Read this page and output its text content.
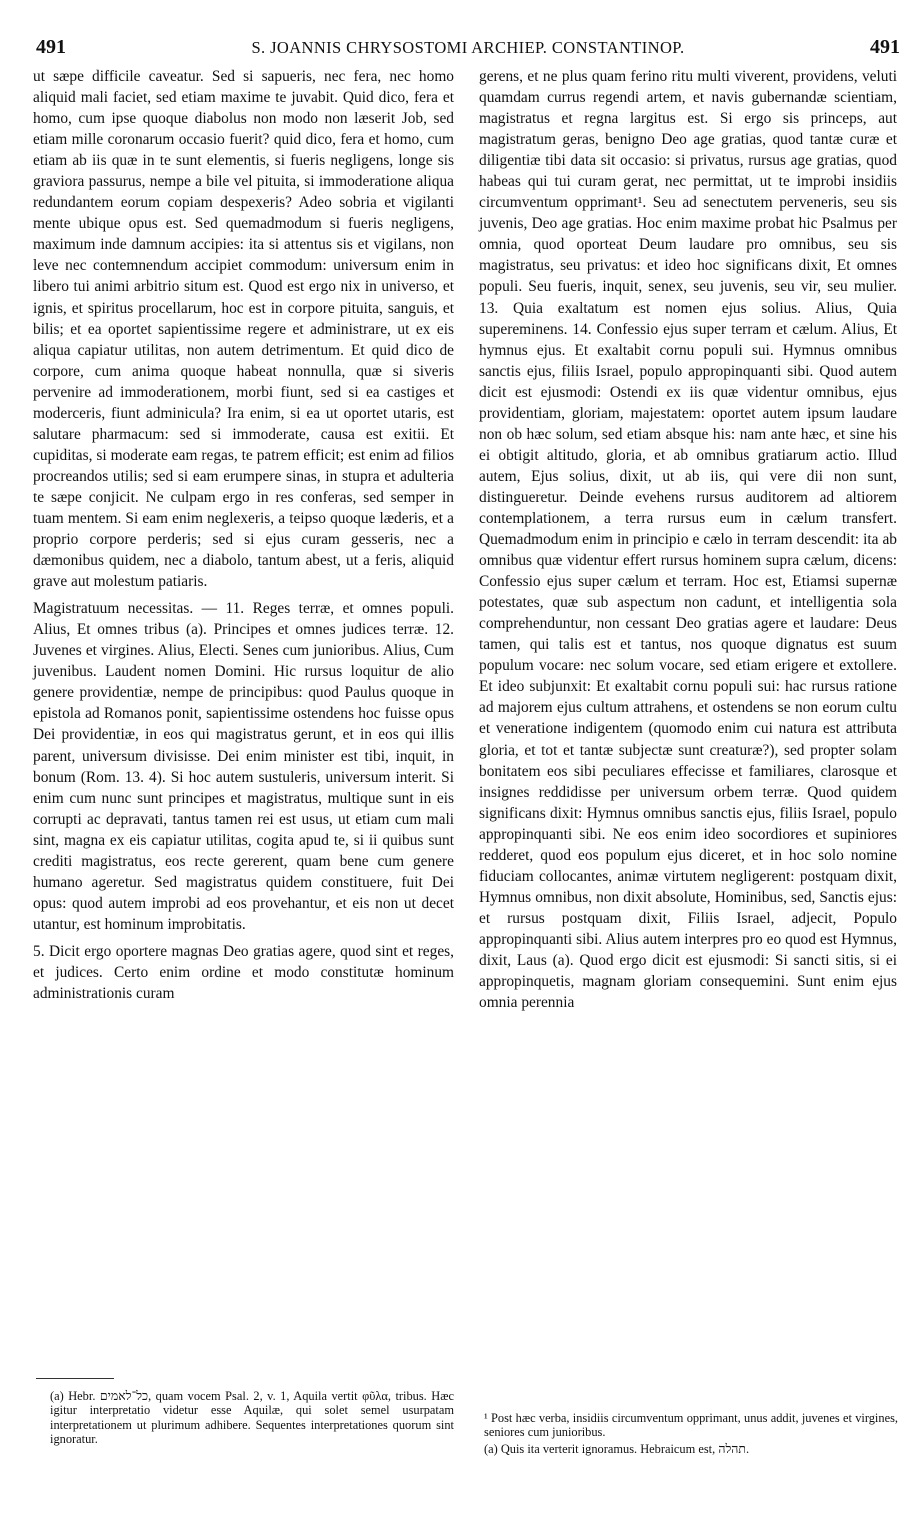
491	S. JOANNIS CHRYSOSTOMI ARCHIEP. CONSTANTINOP.	491

ut sæpe difficile caveatur. Sed si sapueris, nec fera, nec homo aliquid mali faciet, sed etiam maxime te juvabit. Quid dico, fera et homo, cum ipse quoque diabolus non modo non læserit Job, sed etiam mille coronarum occasio fuerit? quid dico, fera et homo, cum etiam ab iis quæ in te sunt elementis, si fueris negligens, longe sis graviora passurus, nempe a bile vel pituita, si immoderatione aliqua redundantem eorum copiam despexeris? Adeo sobria et vigilanti mente ubique opus est. Sed quemadmodum si fueris negligens, maximum inde damnum accipies: ita si attentus sis et vigilans, non leve nec contemnendum accipiet commodum: universum enim in libero tui animi arbitrio situm est. Quod est ergo nix in universo, et ignis, et spiritus procellarum, hoc est in corpore pituita, sanguis, et bilis; et ea oportet sapientissime regere et administrare, ut ex eis aliqua capiatur utilitas, non autem detrimentum. Et quid dico de corpore, cum anima quoque habeat nonnulla, quæ si siveris pervenire ad immoderationem, morbi fiunt, sed si ea castiges et moderceris, fiunt adminicula? Ira enim, si ea ut oportet utaris, est salutare pharmacum: sed si immoderate, causa est exitii. Et cupiditas, si moderate eam regas, te patrem efficit; est enim ad filios procreandos utilis; sed si eam erumpere sinas, in stupra et adulteria te sæpe conjicit. Ne culpam ergo in res conferas, sed semper in tuam mentem. Si eam enim neglexeris, a teipso quoque læderis, et a proprio corpore perderis; sed si ejus curam gesseris, nec a dæmonibus quidem, nec a diabolo, tantum abest, ut a feris, aliquid grave aut molestum patiaris.

Magistratuum necessitas. — 11. Reges terræ, et omnes populi. Alius, Et omnes tribus (a). Principes et omnes judices terræ. 12. Juvenes et virgines. Alius, Electi. Senes cum junioribus. Alius, Cum juvenibus. Laudent nomen Domini. Hic rursus loquitur de alio genere providentiæ, nempe de principibus: quod Paulus quoque in epistola ad Romanos ponit, sapientissime ostendens hoc fuisse opus Dei providentiæ, in eos qui magistratus gerunt, et in eos qui illis parent, universum divisisse. Dei enim minister est tibi, inquit, in bonum (Rom. 13. 4). Si hoc autem sustuleris, universum interit. Si enim cum nunc sunt principes et magistratus, multique sunt in eis corrupti ac depravati, tantus tamen rei est usus, ut etiam cum mali sint, magna ex eis capiatur utilitas, cogita apud te, si ii quibus sunt crediti magistratus, eos recte gererent, quam bene cum genere humano ageretur. Sed magistratus quidem constituere, fuit Dei opus: quod autem improbi ad eos provehantur, et eis non ut decet utantur, est hominum improbitatis.

5. Dicit ergo oportere magnas Deo gratias agere, quod sint et reges, et judices. Certo enim ordine et modo constitutæ hominum administrationis curam

gerens, et ne plus quam ferino ritu multi viverent, providens, veluti quamdam currus regendi artem, et navis gubernandæ scientiam, magistratus et regna largitus est. Si ergo sis princeps, aut magistratum geras, benigno Deo age gratias, quod tantæ curæ et diligentiæ tibi data sit occasio: si privatus, rursus age gratias, quod habeas qui tui curam gerat, nec permittat, ut te improbi insidiis circumventum opprimant¹. Seu ad senectutem perveneris, seu sis juvenis, Deo age gratias. Hoc enim maxime probat hic Psalmus per omnia, quod oporteat Deum laudare pro omnibus, seu sis magistratus, seu privatus: et ideo hoc significans dixit, Et omnes populi. Seu fueris, inquit, senex, seu juvenis, seu vir, seu mulier. 13. Quia exaltatum est nomen ejus solius. Alius, Quia supereminens. 14. Confessio ejus super terram et cælum. Alius, Et hymnus ejus. Et exaltabit cornu populi sui. Hymnus omnibus sanctis ejus, filiis Israel, populo appropinquanti sibi. Quod autem dicit est ejusmodi: Ostendi ex iis quæ videntur omnibus, ejus providentiam, gloriam, majestatem: oportet autem ipsum laudare non ob hæc solum, sed etiam absque his: nam ante hæc, et sine his ei obtigit altitudo, gloria, et ab omnibus gratiarum actio. Illud autem, Ejus solius, dixit, ut ab iis, qui vere dii non sunt, distingueretur. Deinde evehens rursus auditorem ad altiorem contemplationem, a terra rursus eum in cælum transfert. Quemadmodum enim in principio e cælo in terram descendit: ita ab omnibus quæ videntur effert rursus hominem supra cælum, dicens: Confessio ejus super cælum et terram. Hoc est, Etiamsi supernæ potestates, quæ sub aspectum non cadunt, et intelligentia sola comprehenduntur, non cessant Deo gratias agere et laudare: Deus tamen, qui talis est et tantus, nos quoque dignatus est suum populum vocare: nec solum vocare, sed etiam erigere et extollere. Et ideo subjunxit: Et exaltabit cornu populi sui: hac rursus ratione ad majorem ejus cultum attrahens, et ostendens se non eorum cultu et veneratione indigentem (quomodo enim cui natura est attributa gloria, et tot et tantæ subjectæ sunt creaturæ?), sed propter solam bonitatem eos sibi peculiares effecisse et familiares, clarosque et insignes reddidisse per universum orbem terræ. Quod quidem significans dixit: Hymnus omnibus sanctis ejus, filiis Israel, populo appropinquanti sibi. Ne eos enim ideo socordiores et supiniores redderet, quod eos populum ejus diceret, et in hoc solo nomine fiduciam collocantes, animæ virtutem negligerent: postquam dixit, Hymnus omnibus, non dixit absolute, Hominibus, sed, Sanctis ejus: et rursus postquam dixit, Filiis Israel, adjecit, Populo appropinquanti sibi. Alius autem interpres pro eo quod est Hymnus, dixit, Laus (a). Quod ergo dicit est ejusmodi: Si sancti sitis, si ei appropinquetis, magnam gloriam consequemini. Sunt enim ejus omnia perennia

(a) Hebr. כל־לאמים, quam vocem Psal. 2, v. 1, Aquila vertit φῦλα, tribus. Hæc igitur interpretatio videtur esse Aquilæ, qui solet semel usurpatam interpretationem ut plurimum adhibere. Sequentes interpretationes quorum sint ignoratur.

¹ Post hæc verba, insidiis circumventum opprimant, unus addit, juvenes et virgines, seniores cum junioribus.

(a) Quis ita verterit ignoramus. Hebraicum est, תהלה.
